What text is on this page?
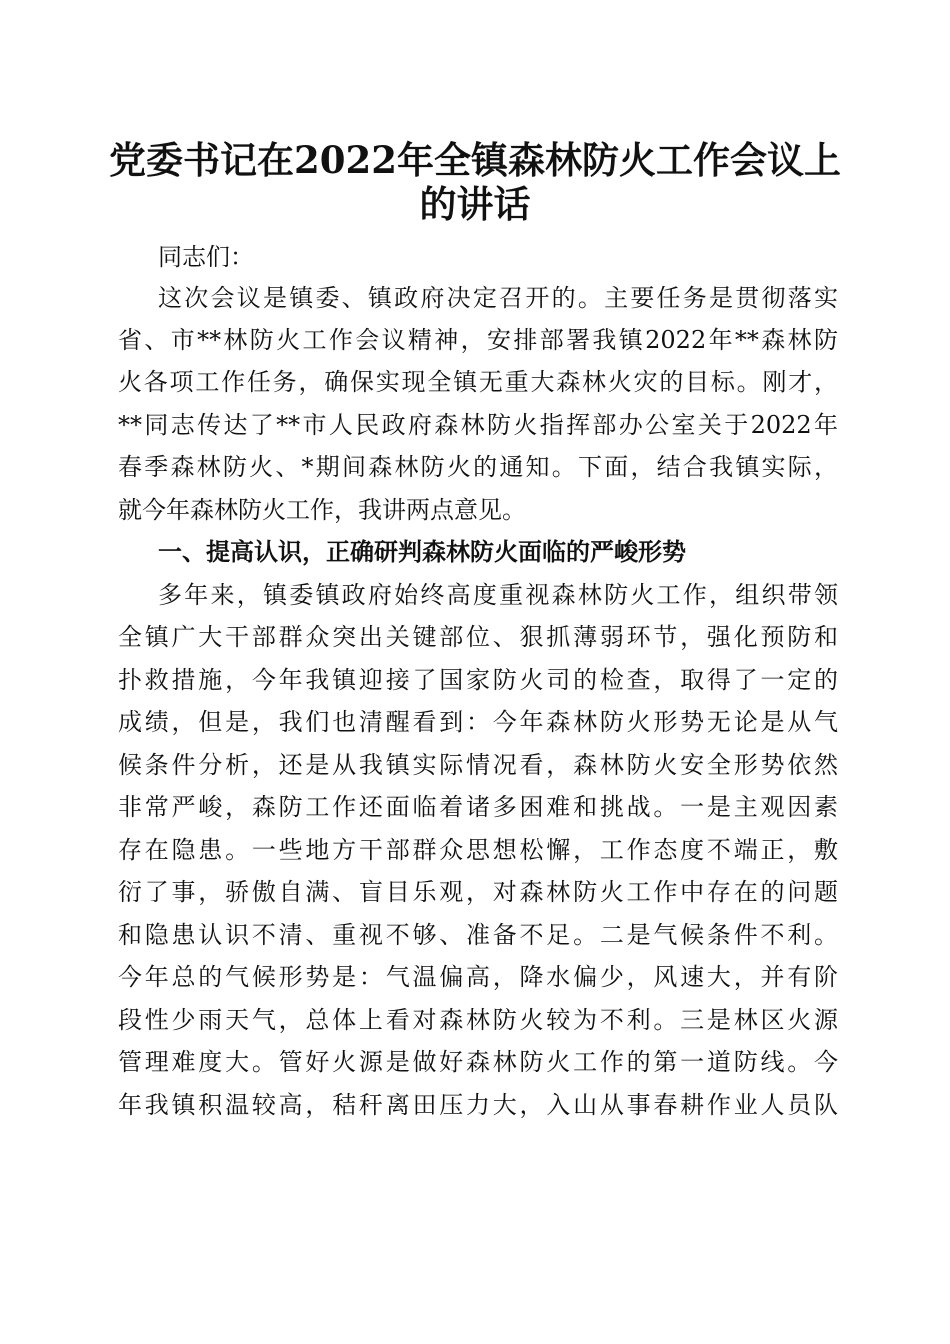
党委书记在2022年全镇森林防火工作会议上
的讲话
同志们：
这次会议是镇委、镇政府决定召开的。主要任务是贯彻落实
省、市**林防火工作会议精神，安排部署我镇2022年**森林防
火各项工作任务，确保实现全镇无重大森林火灾的目标。刚才，
**同志传达了**市人民政府森林防火指挥部办公室关于2022年
春季森林防火、*期间森林防火的通知。下面，结合我镇实际，
就今年森林防火工作，我讲两点意见。
一、提高认识，正确研判森林防火面临的严峻形势
多年来，镇委镇政府始终高度重视森林防火工作，组织带领
全镇广大干部群众突出关键部位、狠抓薄弱环节，强化预防和
扑救措施，今年我镇迎接了国家防火司的检查，取得了一定的
成绩，但是，我们也清醒看到：今年森林防火形势无论是从气
候条件分析，还是从我镇实际情况看，森林防火安全形势依然
非常严峻，森防工作还面临着诸多困难和挑战。一是主观因素
存在隐患。一些地方干部群众思想松懈，工作态度不端正，敷
衍了事，骄傲自满、盲目乐观，对森林防火工作中存在的问题
和隐患认识不清、重视不够、准备不足。二是气候条件不利。
今年总的气候形势是：气温偏高，降水偏少，风速大，并有阶
段性少雨天气，总体上看对森林防火较为不利。三是林区火源
管理难度大。管好火源是做好森林防火工作的第一道防线。今
年我镇积温较高，秸秆离田压力大，入山从事春耕作业人员队
